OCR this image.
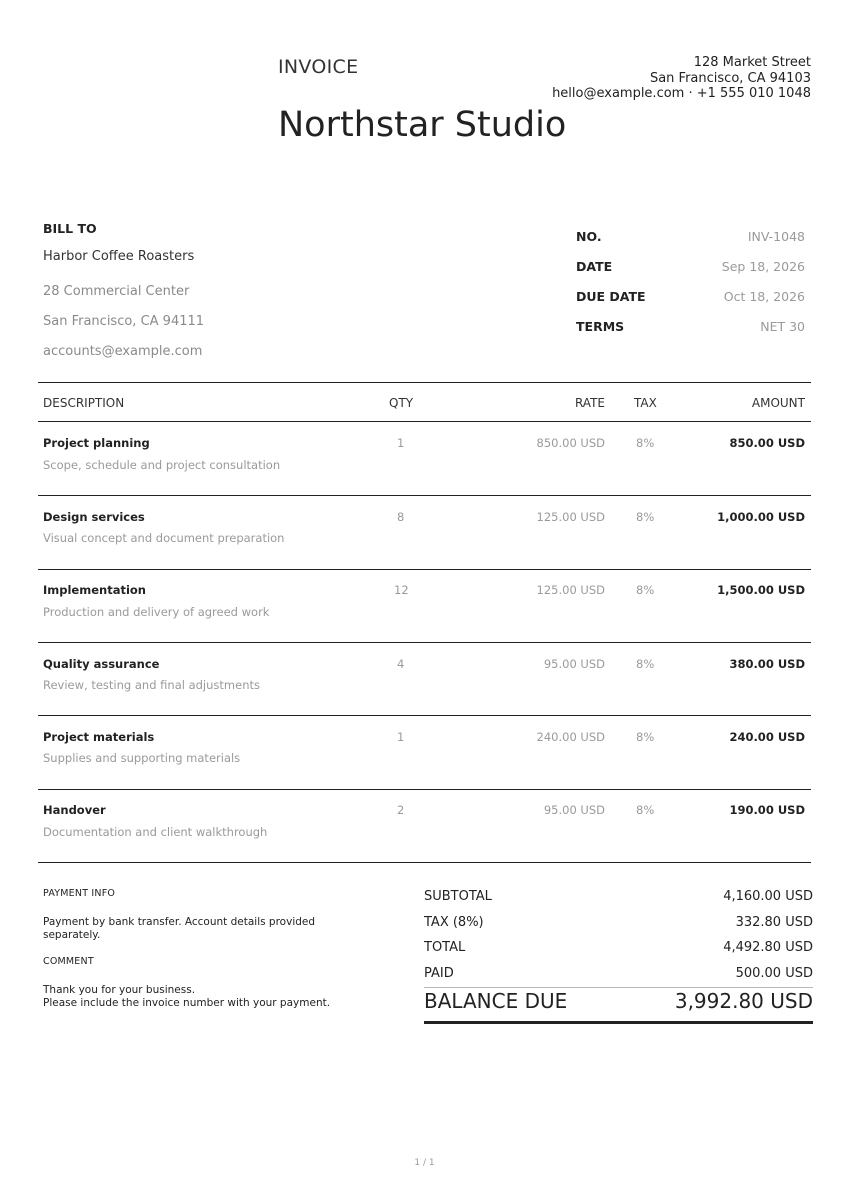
INVOICE
Northstar Studio
128 Market Street
San Francisco, CA 94103
hello@example.com · +1 555 010 1048
BILL TO
Harbor Coffee Roasters
28 Commercial Center
San Francisco, CA 94111
accounts@example.com
NO.	INV-1048
DATE	Sep 18, 2026
DUE DATE	Oct 18, 2026
TERMS	NET 30
DESCRIPTION	QTY	RATE TAX	AMOUNT
Project planning
Scope, schedule and project consultation
1	850.00 USD	8%	850.00 USD
Design services
Visual concept and document preparation
8	125.00 USD	8%	1,000.00 USD
Implementation
Production and delivery of agreed work
12	125.00 USD	8%	1,500.00 USD
Quality assurance
Review, testing and final adjustments
4	95.00 USD	8%	380.00 USD
Project materials
Supplies and supporting materials
1	240.00 USD	8%	240.00 USD
Handover
Documentation and client walkthrough
2	95.00 USD	8%	190.00 USD
PAYMENT INFO
Payment by bank transfer. Account details provided separately.
COMMENT
Thank you for your business.
Please include the invoice number with your payment.
SUBTOTAL	4,160.00 USD
TAX (8%)	332.80 USD
TOTAL	4,492.80 USD
PAID	500.00 USD
BALANCE DUE	3,992.80 USD
1 / 1
